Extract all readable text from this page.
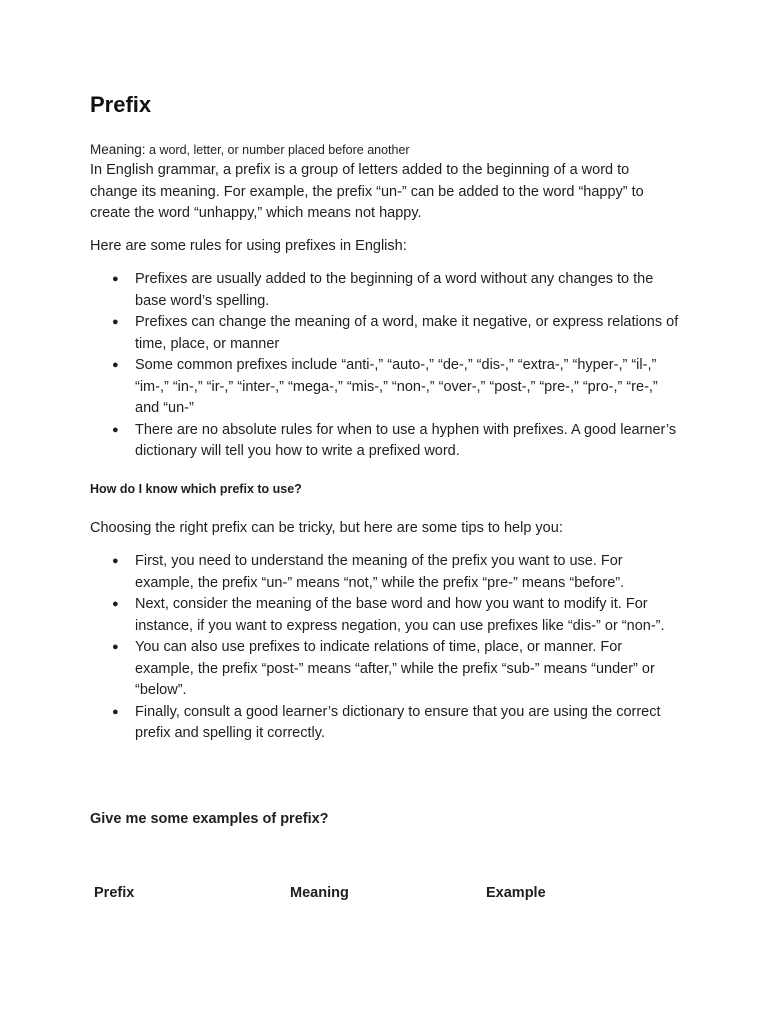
Prefix
Meaning: a word, letter, or number placed before another

In English grammar, a prefix is a group of letters added to the beginning of a word to change its meaning. For example, the prefix “un-” can be added to the word “happy” to create the word “unhappy,” which means not happy.

Here are some rules for using prefixes in English:

● Prefixes are usually added to the beginning of a word without any changes to the base word’s spelling.
● Prefixes can change the meaning of a word, make it negative, or express relations of time, place, or manner
● Some common prefixes include “anti-,” “auto-,” “de-,” “dis-,” “extra-,” “hyper-,” “il-,” “im-,” “in-,” “ir-,” “inter-,” “mega-,” “mis-,” “non-,” “over-,” “post-,” “pre-,” “pro-,” “re-,” and “un-”
● There are no absolute rules for when to use a hyphen with prefixes. A good learner’s dictionary will tell you how to write a prefixed word.
How do I know which prefix to use?

Choosing the right prefix can be tricky, but here are some tips to help you:

● First, you need to understand the meaning of the prefix you want to use. For example, the prefix “un-” means “not,” while the prefix “pre-” means “before”.
● Next, consider the meaning of the base word and how you want to modify it. For instance, if you want to express negation, you can use prefixes like “dis-” or “non-”.
● You can also use prefixes to indicate relations of time, place, or manner. For example, the prefix “post-” means “after,” while the prefix “sub-” means “under” or “below”.
● Finally, consult a good learner’s dictionary to ensure that you are using the correct prefix and spelling it correctly.
Give me some examples of prefix?
Prefix	Meaning	Example
